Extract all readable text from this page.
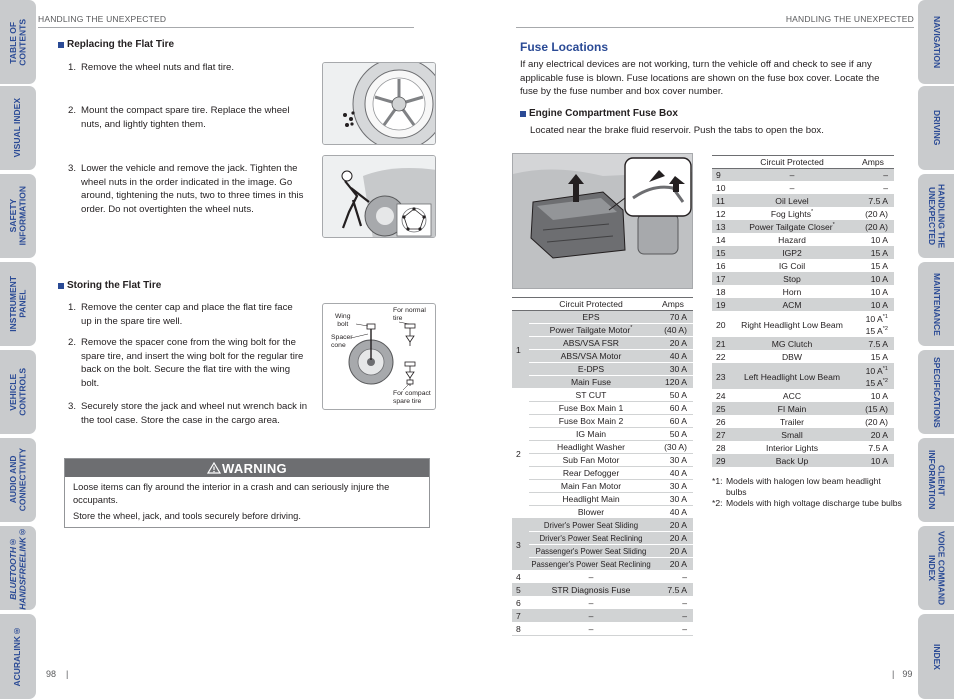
TABLE OF
CONTENTS
VISUAL INDEX
SAFETY
INFORMATION
INSTRUMENT
PANEL
VEHICLE
CONTROLS
AUDIO AND
CONNECTIVITY
BLUETOOTH®
HANDSFREELINK®
ACURALINK®
NAVIGATION
DRIVING
HANDLING THE
UNEXPECTED
MAINTENANCE
SPECIFICATIONS
CLIENT
INFORMATION
VOICE COMMAND
INDEX
INDEX
HANDLING THE UNEXPECTED	HANDLING THE UNEXPECTED
Replacing the Flat Tire
1. Remove the wheel nuts and flat tire.
2. Mount the compact spare tire. Replace the wheel nuts, and lightly tighten them.
3. Lower the vehicle and remove the jack. Tighten the wheel nuts in the order indicated in the image. Go around, tightening the nuts, two to three times in this order. Do not overtighten the wheel nuts.
Storing the Flat Tire
1. Remove the center cap and place the flat tire face up in the spare tire well.
2. Remove the spacer cone from the wing bolt for the spare tire, and insert the wing bolt for the regular tire back on the bolt. Secure the flat tire with the wing bolt.
3. Securely store the jack and wheel nut wrench back in the tool case. Store the case in the cargo area.
Wing
bolt
Spacer
cone
For normal
tire
For compact
spare tire
WARNING

Loose items can fly around the interior in a crash and can seriously injure the occupants.

Store the wheel, jack, and tools securely before driving.

98 |
Fuse Locations
If any electrical devices are not working, turn the vehicle off and check to see if any applicable fuse is blown. Fuse locations are shown on the fuse box cover. Locate the fuse by the fuse number and box cover number.
Engine Compartment Fuse Box
Located near the brake fluid reservoir. Push the tabs to open the box.
	Circuit Protected	Amps
1	EPS	70 A
	Power Tailgate Motor*	(40 A)
	ABS/VSA FSR	20 A
	ABS/VSA Motor	40 A
	E-DPS	30 A
	Main Fuse	120 A
2	ST CUT	50 A
	Fuse Box Main 1	60 A
	Fuse Box Main 2	60 A
	IG Main	50 A
	Headlight Washer	(30 A)
	Sub Fan Motor	30 A
	Rear Defogger	40 A
	Main Fan Motor	30 A
	Headlight Main	30 A
	Blower	40 A
3	Driver's Power Seat Sliding	20 A
	Driver's Power Seat Reclining	20 A
	Passenger's Power Seat Sliding	20 A
	Passenger's Power Seat Reclining	20 A
4	–	–
5	STR Diagnosis Fuse	7.5 A
6	–	–
7	–	–
8	–	–
	Circuit Protected	Amps
9	–	–
10	–	–
11	Oil Level	7.5 A
12	Fog Lights*	(20 A)
13	Power Tailgate Closer*	(20 A)
14	Hazard	10 A
15	IGP2	15 A
16	IG Coil	15 A
17	Stop	10 A
18	Horn	10 A
19	ACM	10 A
20	Right Headlight Low Beam	10 $A^{*1}$
15 $A^{*2}$
21	MG Clutch	7.5 A
22	DBW	15 A
23	Left Headlight Low Beam	10 $A^{*1}$
15 $A^{*2}$
24	ACC	10 A
25	FI Main	(15 A)
26	Trailer	(20 A)
27	Small	20 A
28	Interior Lights	7.5 A
29	Back Up	10 A
*1: Models with halogen low beam headlight bulbs
*2: Models with high voltage discharge tube bulbs
| 99
